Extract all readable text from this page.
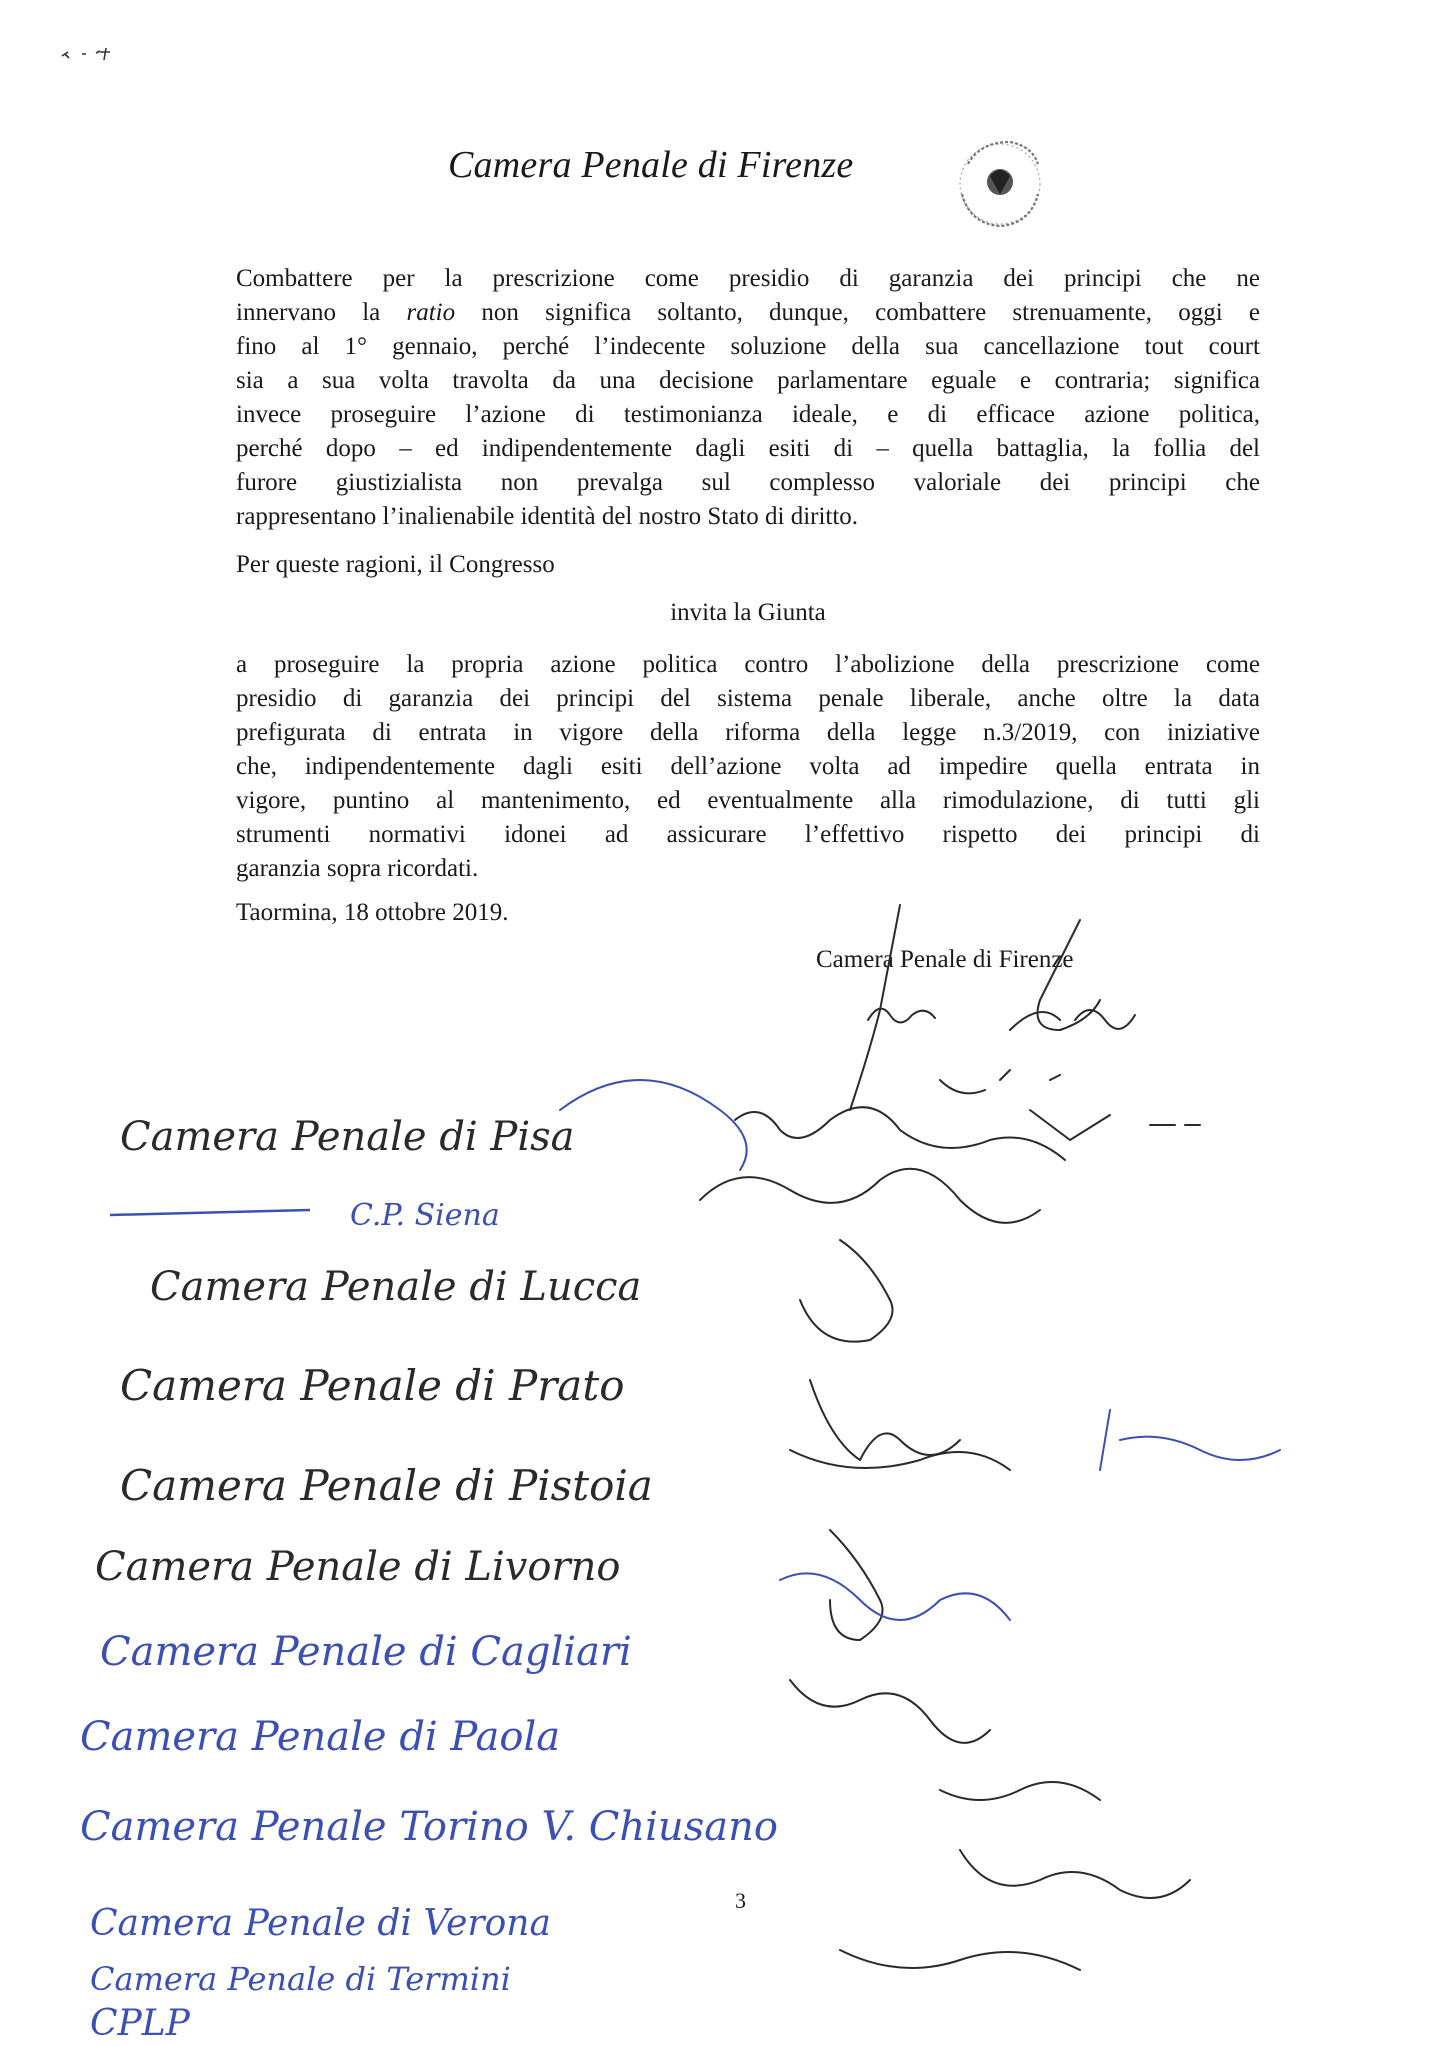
Camera Penale di Firenze
Combattere per la prescrizione come presidio di garanzia dei principi che ne
innervano la ratio non significa soltanto, dunque, combattere strenuamente, oggi e
fino al 1° gennaio, perché l’indecente soluzione della sua cancellazione tout court
sia a sua volta travolta da una decisione parlamentare eguale e contraria; significa
invece proseguire l’azione di testimonianza ideale, e di efficace azione politica,
perché dopo – ed indipendentemente dagli esiti di – quella battaglia, la follia del
furore giustizialista non prevalga sul complesso valoriale dei principi che
rappresentano l’inalienabile identità del nostro Stato di diritto.
Per queste ragioni, il Congresso
invita la Giunta
a proseguire la propria azione politica contro l’abolizione della prescrizione come
presidio di garanzia dei principi del sistema penale liberale, anche oltre la data
prefigurata di entrata in vigore della riforma della legge n.3/2019, con iniziative
che, indipendentemente dagli esiti dell’azione volta ad impedire quella entrata in
vigore, puntino al mantenimento, ed eventualmente alla rimodulazione, di tutti gli
strumenti normativi idonei ad assicurare l’effettivo rispetto dei principi di
garanzia sopra ricordati.
Taormina, 18 ottobre 2019.
Camera Penale di Firenze
Camera Penale di Pisa
C.P. Siena
Camera Penale di Lucca
Camera Penale di Prato
Camera Penale di Pistoia
Camera Penale di Livorno
Camera Penale di Cagliari
Camera Penale di Paola
Camera Penale Torino V. Chiusano
Camera Penale di Verona
Camera Penale di Termini
CPLP
3
